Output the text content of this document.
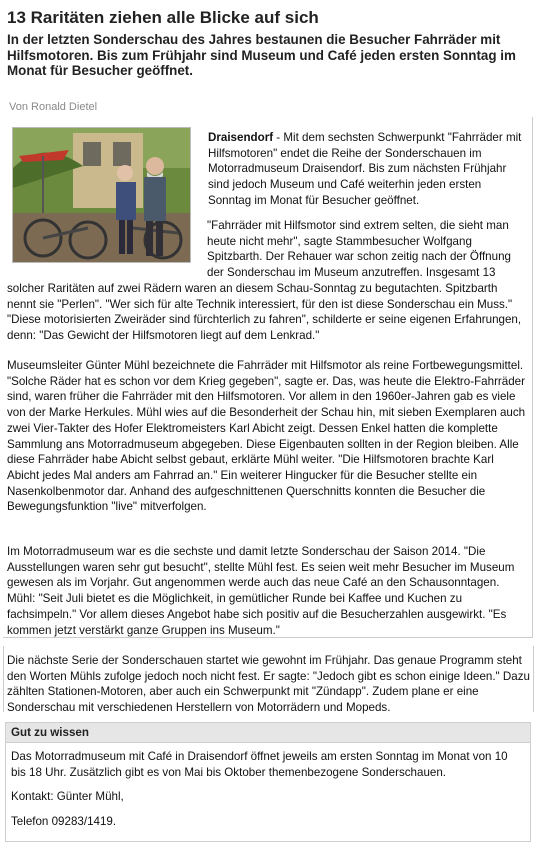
13 Raritäten ziehen alle Blicke auf sich
In der letzten Sonderschau des Jahres bestaunen die Besucher Fahrräder mit Hilfsmotoren. Bis zum Frühjahr sind Museum und Café jeden ersten Sonntag im Monat für Besucher geöffnet.
Von Ronald Dietel
Draisendorf - Mit dem sechsten Schwerpunkt "Fahrräder mit Hilfsmotoren" endet die Reihe der Sonderschauen im Motorradmuseum Draisendorf. Bis zum nächsten Frühjahr sind jedoch Museum und Café weiterhin jeden ersten Sonntag im Monat für Besucher geöffnet.
"Fahrräder mit Hilfsmotor sind extrem selten, die sieht man heute nicht mehr", sagte Stammbesucher Wolfgang Spitzbarth. Der Rehauer war schon zeitig nach der Öffnung der Sonderschau im Museum anzutreffen. Insgesamt 13 solcher Raritäten auf zwei Rädern waren an diesem Schau-Sonntag zu begutachten. Spitzbarth nennt sie "Perlen". "Wer sich für alte Technik interessiert, für den ist diese Sonderschau ein Muss." "Diese motorisierten Zweiräder sind fürchterlich zu fahren", schilderte er seine eigenen Erfahrungen, denn: "Das Gewicht der Hilfsmotoren liegt auf dem Lenkrad."
Museumsleiter Günter Mühl bezeichnete die Fahrräder mit Hilfsmotor als reine Fortbewegungsmittel. "Solche Räder hat es schon vor dem Krieg gegeben", sagte er. Das, was heute die Elektro-Fahrräder sind, waren früher die Fahrräder mit den Hilfsmotoren. Vor allem in den 1960er-Jahren gab es viele von der Marke Herkules. Mühl wies auf die Besonderheit der Schau hin, mit sieben Exemplaren auch zwei Vier-Takter des Hofer Elektromeisters Karl Abicht zeigt. Dessen Enkel hatten die komplette Sammlung ans Motorradmuseum abgegeben. Diese Eigenbauten sollten in der Region bleiben. Alle diese Fahrräder habe Abicht selbst gebaut, erklärte Mühl weiter. "Die Hilfsmotoren brachte Karl Abicht jedes Mal anders am Fahrrad an." Ein weiterer Hingucker für die Besucher stellte ein Nasenkolbenmotor dar. Anhand des aufgeschnittenen Querschnitts konnten die Besucher die Bewegungsfunktion "live" mitverfolgen.
Im Motorradmuseum war es die sechste und damit letzte Sonderschau der Saison 2014. "Die Ausstellungen waren sehr gut besucht", stellte Mühl fest. Es seien weit mehr Besucher im Museum gewesen als im Vorjahr. Gut angenommen werde auch das neue Café an den Schausonntagen. Mühl: "Seit Juli bietet es die Möglichkeit, in gemütlicher Runde bei Kaffee und Kuchen zu fachsimpeln." Vor allem dieses Angebot habe sich positiv auf die Besucherzahlen ausgewirkt. "Es kommen jetzt verstärkt ganze Gruppen ins Museum."
Die nächste Serie der Sonderschauen startet wie gewohnt im Frühjahr. Das genaue Programm steht den Worten Mühls zufolge jedoch noch nicht fest. Er sagte: "Jedoch gibt es schon einige Ideen." Dazu zählten Stationen-Motoren, aber auch ein Schwerpunkt mit "Zündapp". Zudem plane er eine Sonderschau mit verschiedenen Herstellern von Motorrädern und Mopeds.
Gut zu wissen

Das Motorradmuseum mit Café in Draisendorf öffnet jeweils am ersten Sonntag im Monat von 10 bis 18 Uhr. Zusätzlich gibt es von Mai bis Oktober themenbezogene Sonderschauen.

Kontakt: Günter Mühl,

Telefon 09283/1419.
